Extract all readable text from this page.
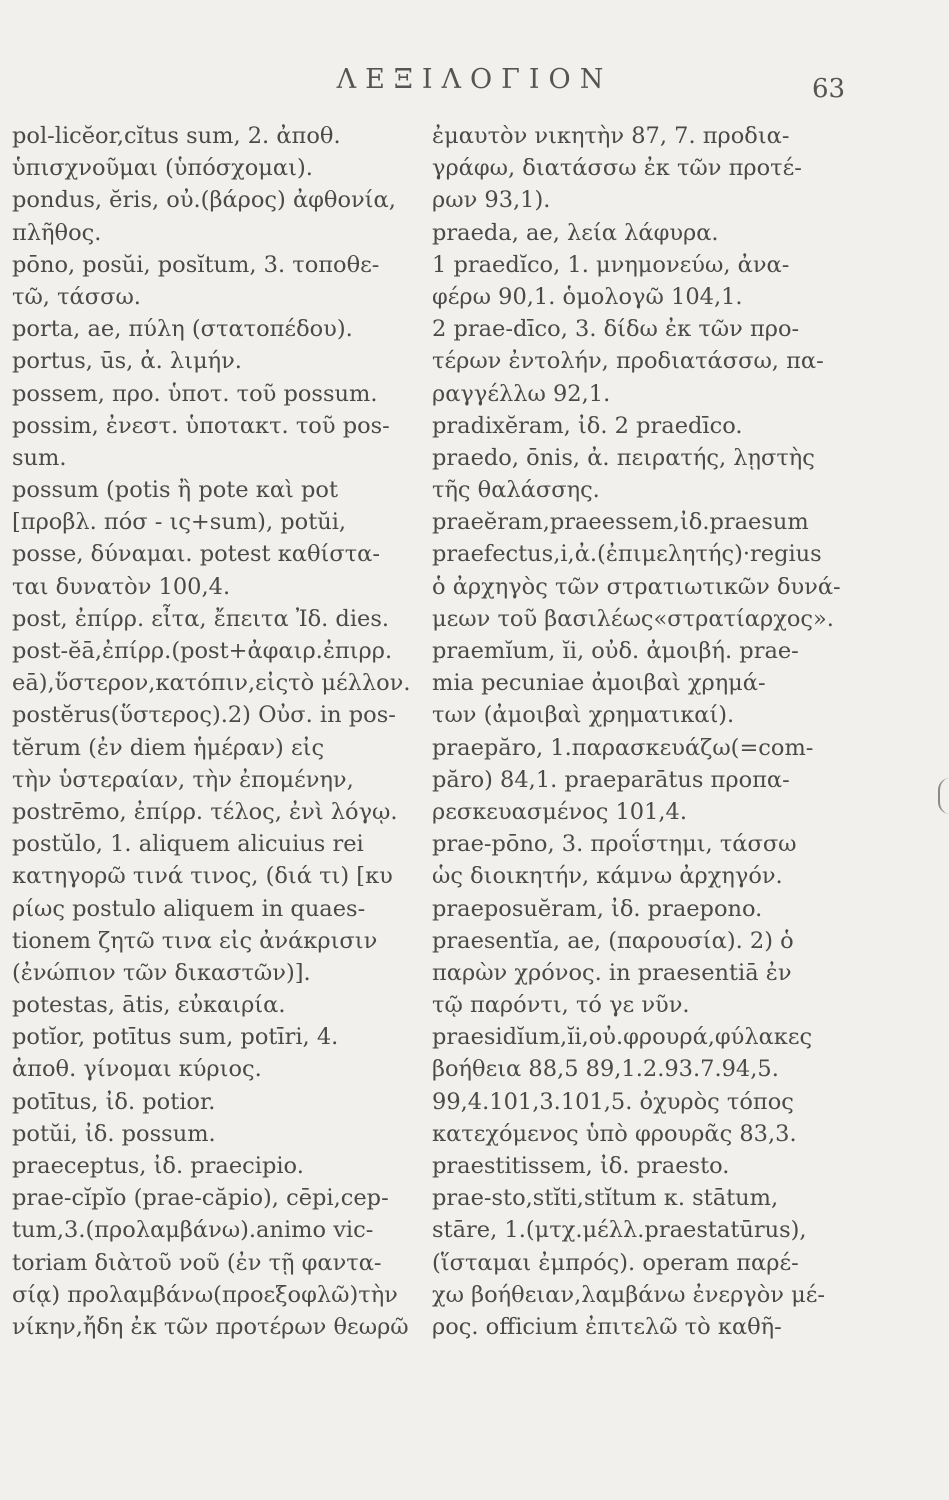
ΛΕΞΙΛΟΓΙΟΝ	63
pol-licĕor,cĭtus sum, 2. ἀποθ.
ὑπισχνοῦμαι (ὑπόσχομαι).
pondus, ĕris, οὐ.(βάρος) ἀφθονία,
πλῆθος.
pōno, posŭi, posĭtum, 3. τοποθε-
τῶ, τάσσω.
porta, ae, πύλη (στατοπέδου).
portus, ūs, ἀ. λιμήν.
possem, προ. ὑποτ. τοῦ possum.
possim, ἐνεστ. ὑποτακτ. τοῦ pos-
sum.
possum (potis ἢ pote καὶ pot
[προβλ. πόσ - ις+sum), potŭi,
posse, δύναμαι. potest καθίστα-
ται δυνατὸν 100,4.
post, ἐπίρρ. εἶτα, ἔπειτα Ἰδ. dies.
post-ĕā,ἐπίρρ.(post+ἀφαιρ.ἐπιρρ.
eā),ὕστερον,κατόπιν,εἰςτὸ μέλλον.
postĕrus(ὕστερος).2) Οὐσ. in pos-
tĕrum (ἐν diem ἡμέραν) εἰς
τὴν ὑστεραίαν, τὴν ἐπομένην,
postrēmo, ἐπίρρ. τέλος, ἐνὶ λόγῳ.
postŭlo, 1. aliquem alicuius rei
κατηγορῶ τινά τινος, (διά τι) [κυ
ρίως postulo aliquem in quaes-
tionem ζητῶ τινα εἰς ἀνάκρισιν
(ἐνώπιον τῶν δικαστῶν)].
potestas, ātis, εὐκαιρία.
potĭor, potītus sum, potīri, 4.
ἀποθ. γίνομαι κύριος.
potītus, ἰδ. potior.
potŭi, ἰδ. possum.
praeceptus, ἰδ. praecipio.
prae-cĭpĭo (prae-căpio), cēpi,cep-
tum,3.(προλαμβάνω).animo vic-
toriam διὰτοῦ νοῦ (ἐν τῇ φαντα-
σίᾳ) προλαμβάνω(προεξοφλῶ)τὴν
νίκην,ἤδη ἐκ τῶν προτέρων θεωρῶ
ἐμαυτὸν νικητὴν 87, 7. προδια-
γράφω, διατάσσω ἐκ τῶν προτέ-
ρων 93,1).
praeda, ae, λεία λάφυρα.
1 praedĭco, 1. μνημονεύω, ἀνα-
φέρω 90,1. ὁμολογῶ 104,1.
2 prae-dīco, 3. δίδω ἐκ τῶν προ-
τέρων ἐντολήν, προδιατάσσω, πα-
ραγγέλλω 92,1.
pradixĕram, ἰδ. 2 praedīco.
praedo, ōnis, ἀ. πειρατής, λῃστὴς
τῆς θαλάσσης.
praeĕram,praeessem,ἰδ.praesum
praefectus,i,ἀ.(ἐπιμελητής)·regius
ὁ ἀρχηγὸς τῶν στρατιωτικῶν δυνά-
μεων τοῦ βασιλέως«στρατίαρχος».
praemĭum, ĭi, οὐδ. ἀμοιβή. prae-
mia pecuniae ἀμοιβαὶ χρημά-
των (ἀμοιβαὶ χρηματικαί).
praepăro, 1.παρασκευάζω(=com-
păro) 84,1. praeparātus προπα-
ρεσκευασμένος 101,4.
prae-pōno, 3. προΐστημι, τάσσω
ὡς διοικητήν, κάμνω ἀρχηγόν.
praeposuĕram, ἰδ. praepono.
praesentĭa, ae, (παρουσία). 2) ὁ
παρὼν χρόνος. in praesentiā ἐν
τῷ παρόντι, τό γε νῦν.
praesidĭum,ĭi,οὐ.φρουρά,φύλακες
βοήθεια 88,5 89,1.2.93.7.94,5.
99,4.101,3.101,5. ὀχυρὸς τόπος
κατεχόμενος ὑπὸ φρουρᾶς 83,3.
praestitissem, ἰδ. praesto.
prae-sto,stĭti,stĭtum κ. stātum,
stāre, 1.(μτχ.μέλλ.praestatūrus),
(ἵσταμαι ἐμπρός). operam παρέ-
χω βοήθειαν,λαμβάνω ἐνεργὸν μέ-
ρος. officium ἐπιτελῶ τὸ καθῆ-
